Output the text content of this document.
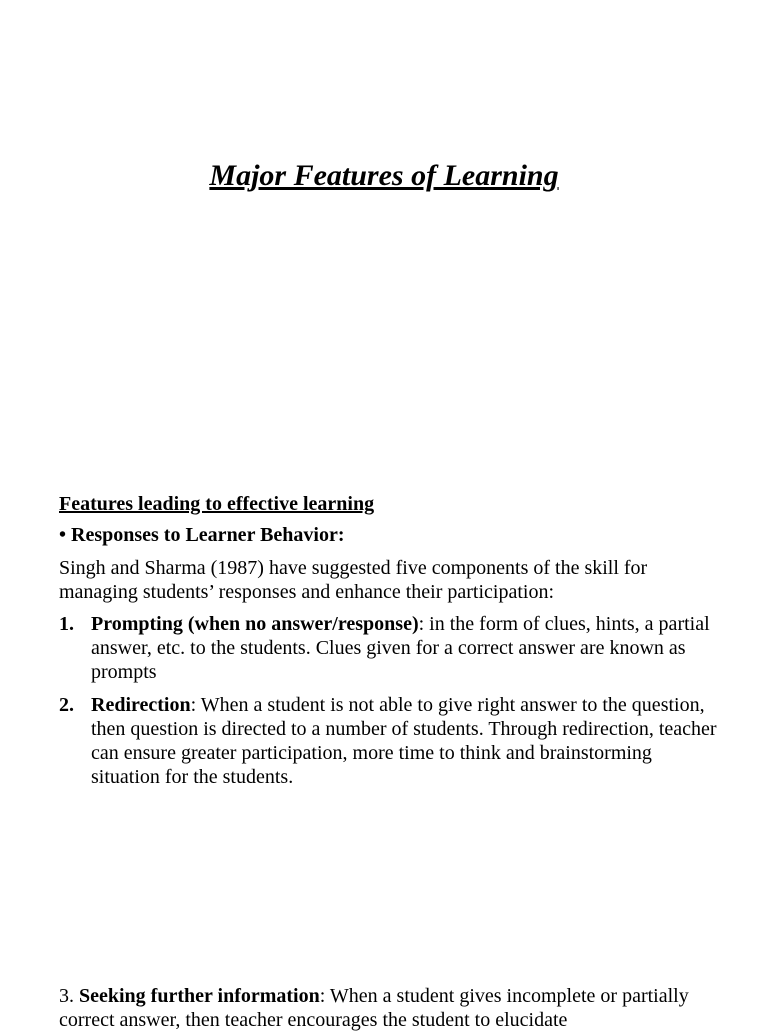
Major Features of Learning
Features leading to effective learning
• Responses to Learner Behavior:
Singh and Sharma (1987) have suggested five components of the skill for managing students’ responses and enhance their participation:
1. Prompting (when no answer/response): in the form of clues, hints, a partial answer, etc. to the students. Clues given for a correct answer are known as prompts
2. Redirection: When a student is not able to give right answer to the question, then question is directed to a number of students. Through redirection, teacher can ensure greater participation, more time to think and brainstorming situation for the students.
3. Seeking further information: When a student gives incomplete or partially correct answer, then teacher encourages the student to elucidate
